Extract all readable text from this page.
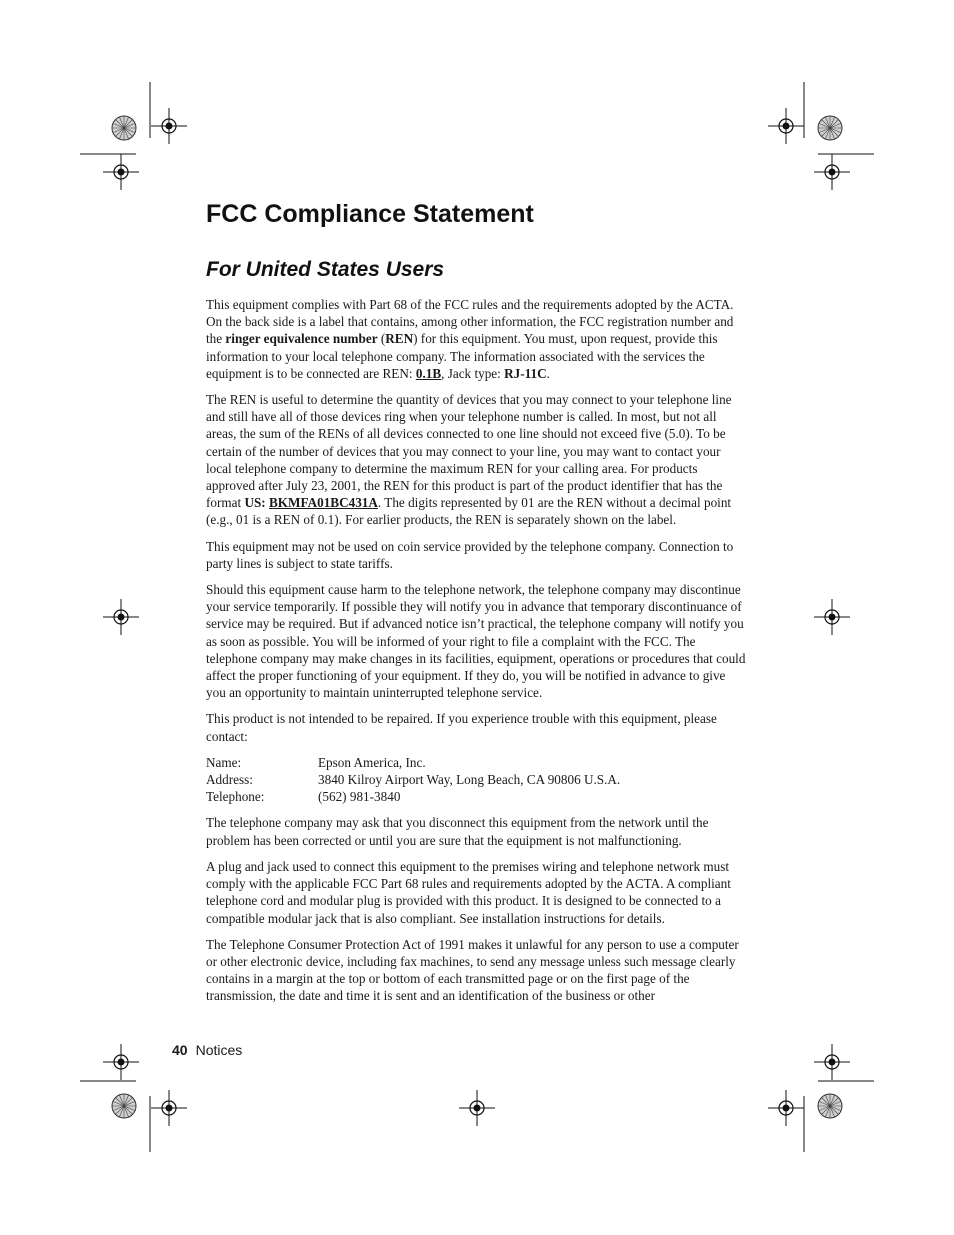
FCC Compliance Statement
For United States Users

This equipment complies with Part 68 of the FCC rules and the requirements adopted by the ACTA. On the back side is a label that contains, among other information, the FCC registration number and the ringer equivalence number (REN) for this equipment. You must, upon request, provide this information to your local telephone company. The information associated with the services the equipment is to be connected are REN: 0.1B, Jack type: RJ-11C.

The REN is useful to determine the quantity of devices that you may connect to your telephone line and still have all of those devices ring when your telephone number is called. In most, but not all areas, the sum of the RENs of all devices connected to one line should not exceed five (5.0). To be certain of the number of devices that you may connect to your line, you may want to contact your local telephone company to determine the maximum REN for your calling area. For products approved after July 23, 2001, the REN for this product is part of the product identifier that has the format US: BKMFA01BC431A. The digits represented by 01 are the REN without a decimal point (e.g., 01 is a REN of 0.1). For earlier products, the REN is separately shown on the label.

This equipment may not be used on coin service provided by the telephone company. Connection to party lines is subject to state tariffs.

Should this equipment cause harm to the telephone network, the telephone company may discontinue your service temporarily. If possible they will notify you in advance that temporary discontinuance of service may be required. But if advanced notice isn’t practical, the telephone company will notify you as soon as possible. You will be informed of your right to file a complaint with the FCC. The telephone company may make changes in its facilities, equipment, operations or procedures that could affect the proper functioning of your equipment. If they do, you will be notified in advance to give you an opportunity to maintain uninterrupted telephone service.

This product is not intended to be repaired. If you experience trouble with this equipment, please contact:

Name:	Epson America, Inc.
Address:	3840 Kilroy Airport Way, Long Beach, CA 90806 U.S.A.
Telephone:	(562) 981-3840

The telephone company may ask that you disconnect this equipment from the network until the problem has been corrected or until you are sure that the equipment is not malfunctioning.

A plug and jack used to connect this equipment to the premises wiring and telephone network must comply with the applicable FCC Part 68 rules and requirements adopted by the ACTA. A compliant telephone cord and modular plug is provided with this product. It is designed to be connected to a compatible modular jack that is also compliant. See installation instructions for details.

The Telephone Consumer Protection Act of 1991 makes it unlawful for any person to use a computer or other electronic device, including fax machines, to send any message unless such message clearly contains in a margin at the top or bottom of each transmitted page or on the first page of the transmission, the date and time it is sent and an identification of the business or other

40 Notices
